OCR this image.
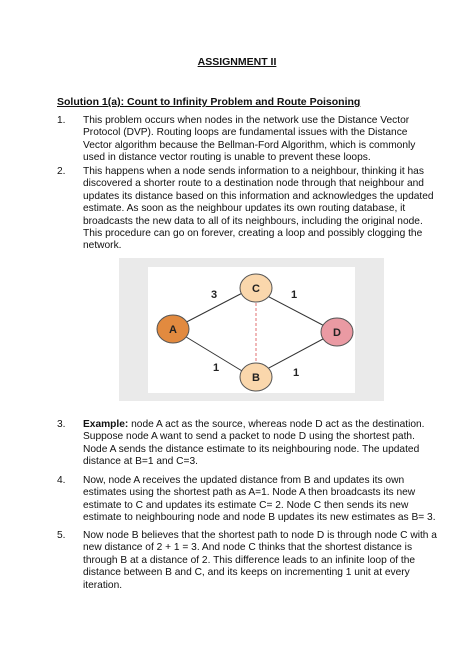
ASSIGNMENT II
Solution 1(a): Count to Infinity Problem and Route Poisoning
1.	This problem occurs when nodes in the network use the Distance Vector
Protocol (DVP). Routing loops are fundamental issues with the Distance
Vector algorithm because the Bellman-Ford Algorithm, which is commonly
used in distance vector routing is unable to prevent these loops.
2.	This happens when a node sends information to a neighbour, thinking it has
discovered a shorter route to a destination node through that neighbour and
updates its distance based on this information and acknowledges the updated
estimate. As soon as the neighbour updates its own routing database, it
broadcasts the new data to all of its neighbours, including the original node.
This procedure can go on forever, creating a loop and possibly clogging the
network.
A
B
C
D
3	1
1	1
3.	Example: node A act as the source, whereas node D act as the destination.
Suppose node A want to send a packet to node D using the shortest path.
Node A sends the distance estimate to its neighbouring node. The updated
distance at B=1 and C=3.
4.	Now, node A receives the updated distance from B and updates its own
estimates using the shortest path as A=1. Node A then broadcasts its new
estimate to C and updates its estimate C= 2. Node C then sends its new
estimate to neighbouring node and node B updates its new estimates as B= 3.
5.	Now node B believes that the shortest path to node D is through node C with a
new distance of 2 + 1 = 3. And node C thinks that the shortest distance is
through B at a distance of 2. This difference leads to an infinite loop of the
distance between B and C, and its keeps on incrementing 1 unit at every
iteration.
